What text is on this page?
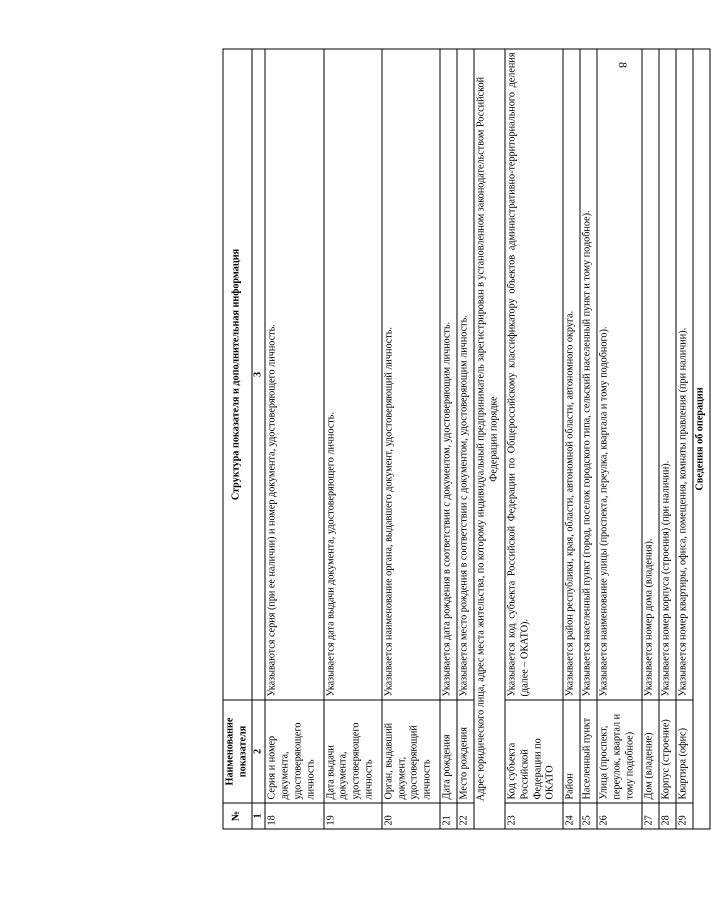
8
№	Наименование показателя	Структура показателя и дополнительная информация
1	2	3
18	Серия и номер документа, удостоверяющего личность	Указываются серия (при ее наличии) и номер документа, удостоверяющего личность.
19	Дата выдачи документа, удостоверяющего личность	Указывается дата выдачи документа, удостоверяющего личность.
20	Орган, выдавший документ, удостоверяющий личность	Указывается наименование органа, выдавшего документ, удостоверяющий личность.
21	Дата рождения	Указывается дата рождения в соответствии с документом, удостоверяющим личность.
22	Место рождения	Указывается место рождения в соответствии с документом, удостоверяющим личность.
Адрес юридического лица, адрес места жительства, по которому индивидуальный предприниматель зарегистрирован в установленном законодательством Российской Федерации порядке		
23	Код субъекта Российской Федерации по ОКАТО	Указывается код субъекта Российской Федерации по Общероссийскому классификатору объектов административно-территориального деления (далее – ОКАТО).
24	Район	Указывается район республики, края, области, автономной области, автономного округа.
25	Населенный пункт	Указывается населенный пункт (город, поселок городского типа, сельский населенный пункт и тому подобное).
26	Улица (проспект, переулок, квартал и тому подобное)	Указывается наименование улицы (проспекта, переулка, квартала и тому подобного).
27	Дом (владение)	Указывается номер дома (владения).
28	Корпус (строение)	Указывается номер корпуса (строения) (при наличии).
29	Квартира (офис)	Указывается номер квартиры, офиса, помещения, комнаты правления (при наличии).
Сведения об операции		
